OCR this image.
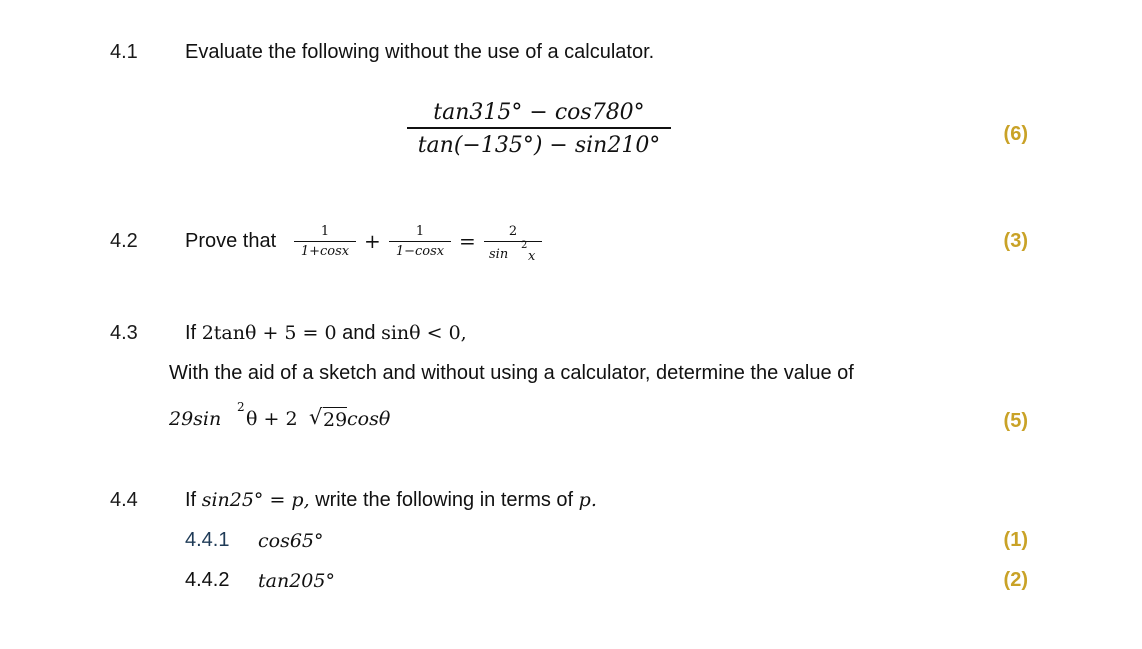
4.1 Evaluate the following without the use of a calculator.
tan315° − cos780°
tan(−135°) − sin210°	(6)
4.2 Prove that	1
1+cosx +	1
1−cosx =	2
sin
2
x
(3)
4.3 If 2tanθ + 5 = 0 and sinθ < 0,
With the aid of a sketch and without using a calculator, determine the value of
29sin
2
θ + 2 √ 29 cosθ	(5)
4.4 If sin25° = p, write the following in terms of p.
4.4.1 cos65°	(1)
4.4.2 tan205°	(2)
